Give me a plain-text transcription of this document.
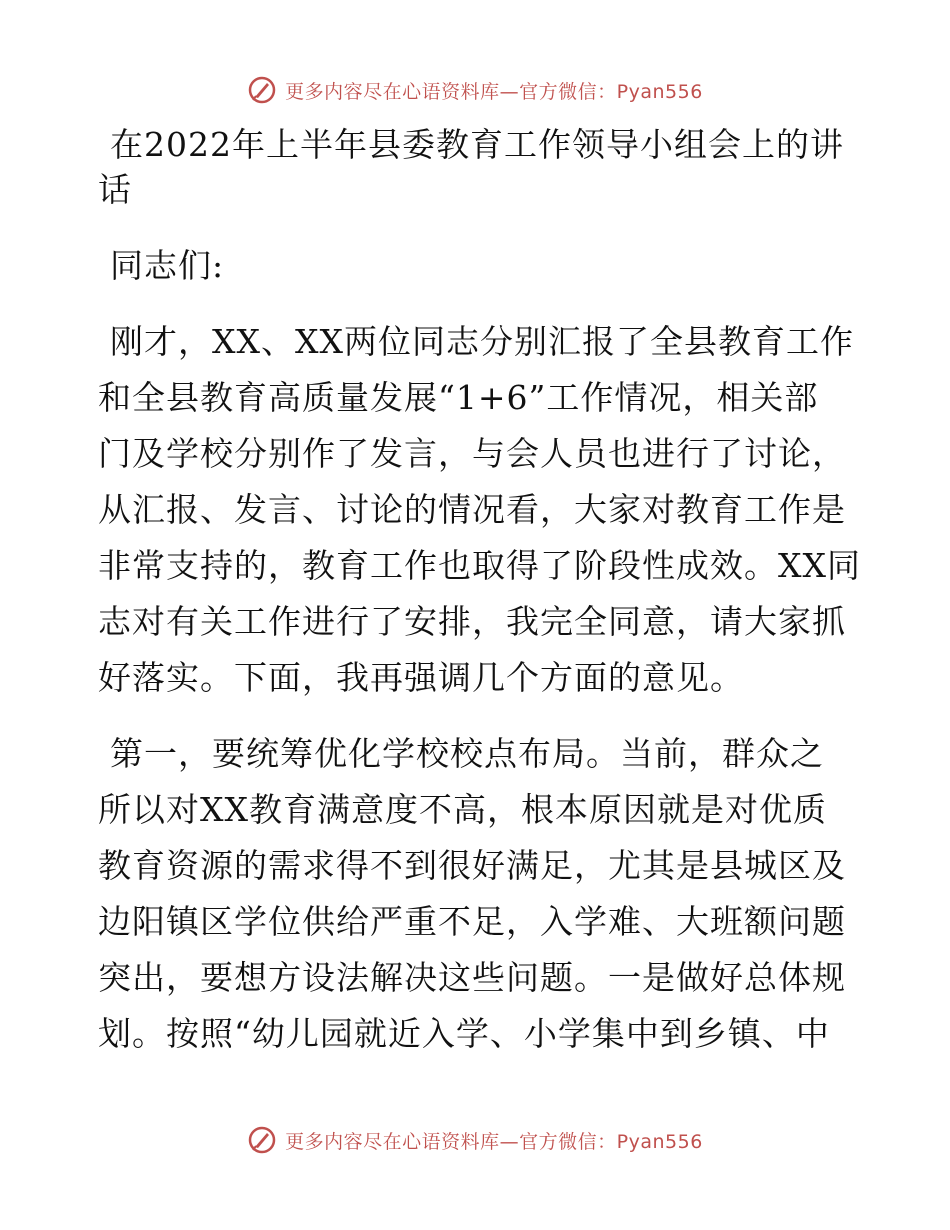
更多内容尽在心语资料库—官方微信：Pyan556
在2022年上半年县委教育工作领导小组会上的讲
话
同志们:
刚才，XX、XX两位同志分别汇报了全县教育工作
和全县教育高质量发展“1+6”工作情况，相关部
门及学校分别作了发言，与会人员也进行了讨论，
从汇报、发言、讨论的情况看，大家对教育工作是
非常支持的，教育工作也取得了阶段性成效。XX同
志对有关工作进行了安排，我完全同意，请大家抓
好落实。下面，我再强调几个方面的意见。
第一，要统筹优化学校校点布局。当前，群众之
所以对XX教育满意度不高，根本原因就是对优质
教育资源的需求得不到很好满足，尤其是县城区及
边阳镇区学位供给严重不足，入学难、大班额问题
突出，要想方设法解决这些问题。一是做好总体规
划。按照“幼儿园就近入学、小学集中到乡镇、中
更多内容尽在心语资料库—官方微信：Pyan556
